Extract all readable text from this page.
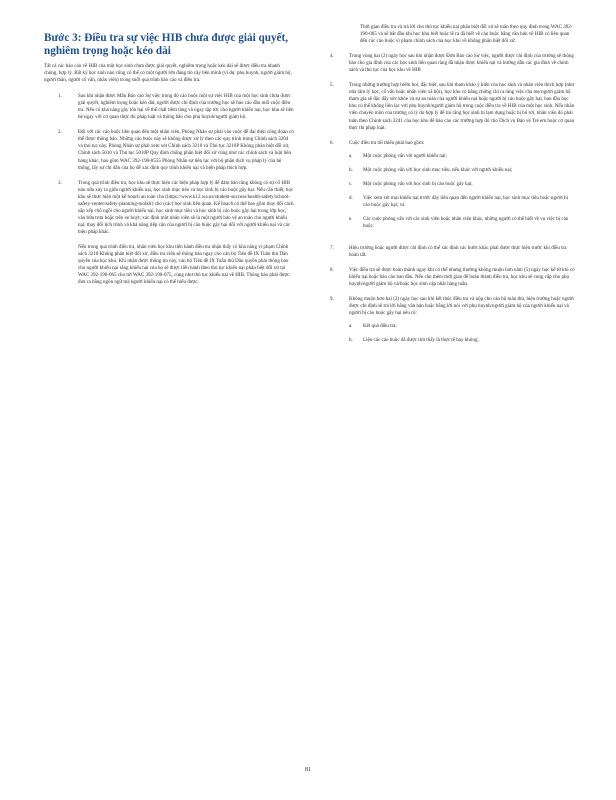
Bước 3: Điều tra sự việc HIB chưa được giải quyết, nghiêm trọng hoặc kéo dài

Tất cả các báo cáo về HIB của một học sinh chưa được giải quyết, nghiêm trọng hoặc kéo dài sẽ được điều tra nhanh chóng, hợp lý. Bất kỳ học sinh nào cũng có thể có một người lớn đáng tin cậy bên mình (ví dụ: phụ huynh, người giám hộ, người thân, người cố vấn, nhân viên) trong suốt quá trình báo cáo và điều tra.

1.	Sau khi nhận được Mẫu Báo cáo Sự việc trong đó cáo buộc một sự việc HIB của một học sinh chưa được giải quyết, nghiêm trọng hoặc kéo dài, người được chỉ định của trường học sẽ báo cáo đầu mối cuộc điều tra. Nếu có khả năng gây tổn hại về thể chất tiềm tàng và ngay lập tức cho người khiếu nại, học khu sẽ liên hệ ngay với cơ quan thực thi pháp luật và thông báo cho phụ huynh/người giám hộ.
2.	Đối với các cáo buộc liên quan đến một nhân viên, Phòng Nhân sự phải vào cuộc để đại diện công đoàn có thể được thông báo. Những cáo buộc này sẽ không được xử lý theo các quy trình trong Chính sách 3204 và thủ tục này. Phòng Nhân sự phải xem xét Chính sách 3210 và Thủ tục 3210P Không phân biệt đối xử, Chính sách 5010 và Thủ tục 5010P Quy định chống phân biệt đối xử cũng như các chính sách và luật liên bang khác, bao gồm WAC 392-190-0555 Phòng Nhân sự liên lạc với bộ phận dịch vụ pháp lý của hệ thống, lấy sự chỉ dẫn của họ để xác định quy trình khiếu nại và biện pháp thích hợp.
3.	Trong quá trình điều tra, học khu sẽ thực hiện các biện pháp hợp lý để đảm bảo rằng không có sự cố HIB nào nữa xảy ra giữa người khiếu nại, học sinh mục tiêu và học sinh bị cáo buộc gây hại. Nếu cần thiết, học khu sẽ thực hiện một kế hoạch an toàn cho (https://www.k12.wa.us/student-success/health-safety/school-safety-center/safety-planning-toolkit) cho (các) học sinh liên quan. Kế hoạch có thể bao gồm thay đổi cách sắp xếp chỗ ngồi cho người khiếu nại, học sinh mục tiêu và học sinh bị cáo buộc gây hại trong lớp học, vào bữa trưa hoặc trên xe buýt; xác định một nhân viên sẽ là một người bảo vệ an toàn cho người khiếu nại; thay đổi lịch trình và khả năng tiếp cận của người bị cáo buộc gây hại đối với người khiếu nại và các biện pháp khác.

Nếu trong quá trình điều tra, nhân viên học khu tiến hành điều tra nhận thấy có khả năng vi phạm Chính sách 3210 Không phân biệt đối xử, điều tra viên sẽ thông báo ngay cho cán bộ Tiêu đề IX Tuân thủ Dân quyền của học khu. Khi nhận được thông tin này, cán bộ Tiêu đề IX Tuân thủ Dân quyền phải thông báo cho người khiếu nại rằng khiếu nại của họ sẽ được tiến hành theo thủ tục khiếu nại phân biệt đối xử tại WAC 392-190-065 cho tới WAC 392-190-075, cùng như thủ tục khiếu nại về HIB. Thông báo phải được đưa ra bằng ngôn ngữ mà người khiếu nại có thể hiểu được.

Thời gian điều tra và trả lời cho thủ tục khiếu nại phân biệt đối xử sẽ tuân theo quy định trong WAC 392-190-065 và sẽ bắt đầu khi học khu biết hoặc lẽ ra đã biết về cáo buộc bằng văn bản về HIB có liên quan đến các cáo buộc vi phạm chính sách của học khu về không phân biệt đối xử.

4.	Trong vòng hai (2) ngày học sau khi nhận được Đơn Báo cáo Sự việc, người được chỉ định của trường sẽ thông báo cho gia đình của các học sinh liên quan rằng đã nhận được khiếu nại và hướng dẫn các gia đình về chính sách và thủ tục của học khu về HIB.
5.	Trong những trường hợp hiếm hoi, đặc biệt, sau khi tham khảo ý kiến của học sinh và nhân viên thích hợp (như nhà tâm lý học, cố vấn hoặc nhân viên xã hội), học khu có bằng chứng chỉ ra rằng việc cha mẹ/người giám hộ tham gia sẽ đặc đẩy sức khỏe và sự an toàn của người khiếu nại hoặc người bị cáo buộc gây hại, ban đầu học khu có thể không liên lạc với phụ huynh/người giám hộ trong cuộc điều tra về HIB của một học sinh. Nếu nhân viên chuyên môn của trường có lý do hợp lý để tin rằng học sinh bị lạm dụng hoặc bị bỏ rơi, nhân viên đó phải tuân theo Chính sách 3241 của học khu để báo cáo các trường hợp đó cho Dịch vụ Bảo vệ Trẻ em hoặc cơ quan thực thi pháp luật.
6.	Cuộc điều tra tối thiểu phải bao gồm:
a.	Một cuộc phỏng vấn với người khiếu nại;
b.	Một cuộc phỏng vấn với học sinh mục tiêu, nếu khác với người khiếu nại;
c.	Một cuộc phỏng vấn với học sinh bị cáo buộc gây hại;
d.	Việc xem xét mọi khiếu nại trước đây liên quan đến người khiếu nại, học sinh mục tiêu hoặc người bị cáo buộc gây hại; và
e.	Các cuộc phỏng vấn với các sinh viên hoặc nhân viên khác, những người có thể biết về vụ việc bị cáo buộc.
7.	Hiệu trưởng hoặc người được chỉ định có thể xác định các bước khác phải được thực hiện trước khi điều tra hoàn tất.
8.	Việc điều tra sẽ được hoàn thành ngay khi có thể nhưng thường không muộn hơn năm (5) ngày học kể từ khi có khiếu nại hoặc báo cáo ban đầu. Nếu cần thêm thời gian để hoàn thành điều tra, học khu sẽ cung cấp cho phụ huynh/người giám hộ và/hoặc học sinh cập nhật hàng tuần.
9.	Không muộn hơn hai (2) ngày học sau khi kết thúc điều tra và nộp cho cán bộ tuân thủ, hiệu trưởng hoặc người được chỉ định sẽ trả lời bằng văn bản hoặc bằng lời nói với phụ huynh/người giám hộ của người khiếu nại và người bị cáo buộc gây hại nêu rõ:
a.	Kết quả điều tra;
b.	Liệu các cáo buộc đã được tìm thấy là thực tế hay không;
81
